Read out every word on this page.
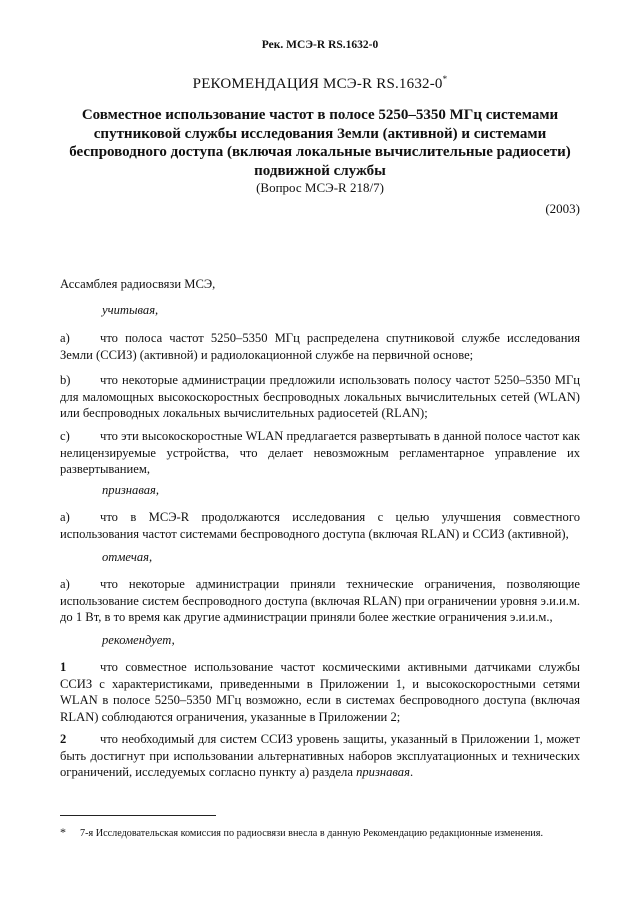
Рек. МСЭ-R RS.1632-0
РЕКОМЕНДАЦИЯ МСЭ-R RS.1632-0*
Совместное использование частот в полосе 5250–5350 МГц системами спутниковой службы исследования Земли (активной) и системами беспроводного доступа (включая локальные вычислительные радиосети) подвижной службы
(Вопрос МСЭ-R 218/7)
(2003)
Ассамблея радиосвязи МСЭ,
учитывая,
a) что полоса частот 5250–5350 МГц распределена спутниковой службе исследования Земли (ССИЗ) (активной) и радиолокационной службе на первичной основе;
b) что некоторые администрации предложили использовать полосу частот 5250–5350 МГц для маломощных высокоскоростных беспроводных локальных вычислительных сетей (WLAN) или беспроводных локальных вычислительных радиосетей (RLAN);
c) что эти высокоскоростные WLAN предлагается развертывать в данной полосе частот как нелицензируемые устройства, что делает невозможным регламентарное управление их развертыванием,
признавая,
a) что в МСЭ-R продолжаются исследования с целью улучшения совместного использования частот системами беспроводного доступа (включая RLAN) и ССИЗ (активной),
отмечая,
a) что некоторые администрации приняли технические ограничения, позволяющие использование систем беспроводного доступа (включая RLAN) при ограничении уровня э.и.и.м. до 1 Вт, в то время как другие администрации приняли более жесткие ограничения э.и.и.м.,
рекомендует,
1	что совместное использование частот космическими активными датчиками службы ССИЗ с характеристиками, приведенными в Приложении 1, и высокоскоростными сетями WLAN в полосе 5250–5350 МГц возможно, если в системах беспроводного доступа (включая RLAN) соблюдаются ограничения, указанные в Приложении 2;
2	что необходимый для систем ССИЗ уровень защиты, указанный в Приложении 1, может быть достигнут при использовании альтернативных наборов эксплуатационных и технических ограничений, исследуемых согласно пункту а) раздела признавая.
* 7-я Исследовательская комиссия по радиосвязи внесла в данную Рекомендацию редакционные изменения.
